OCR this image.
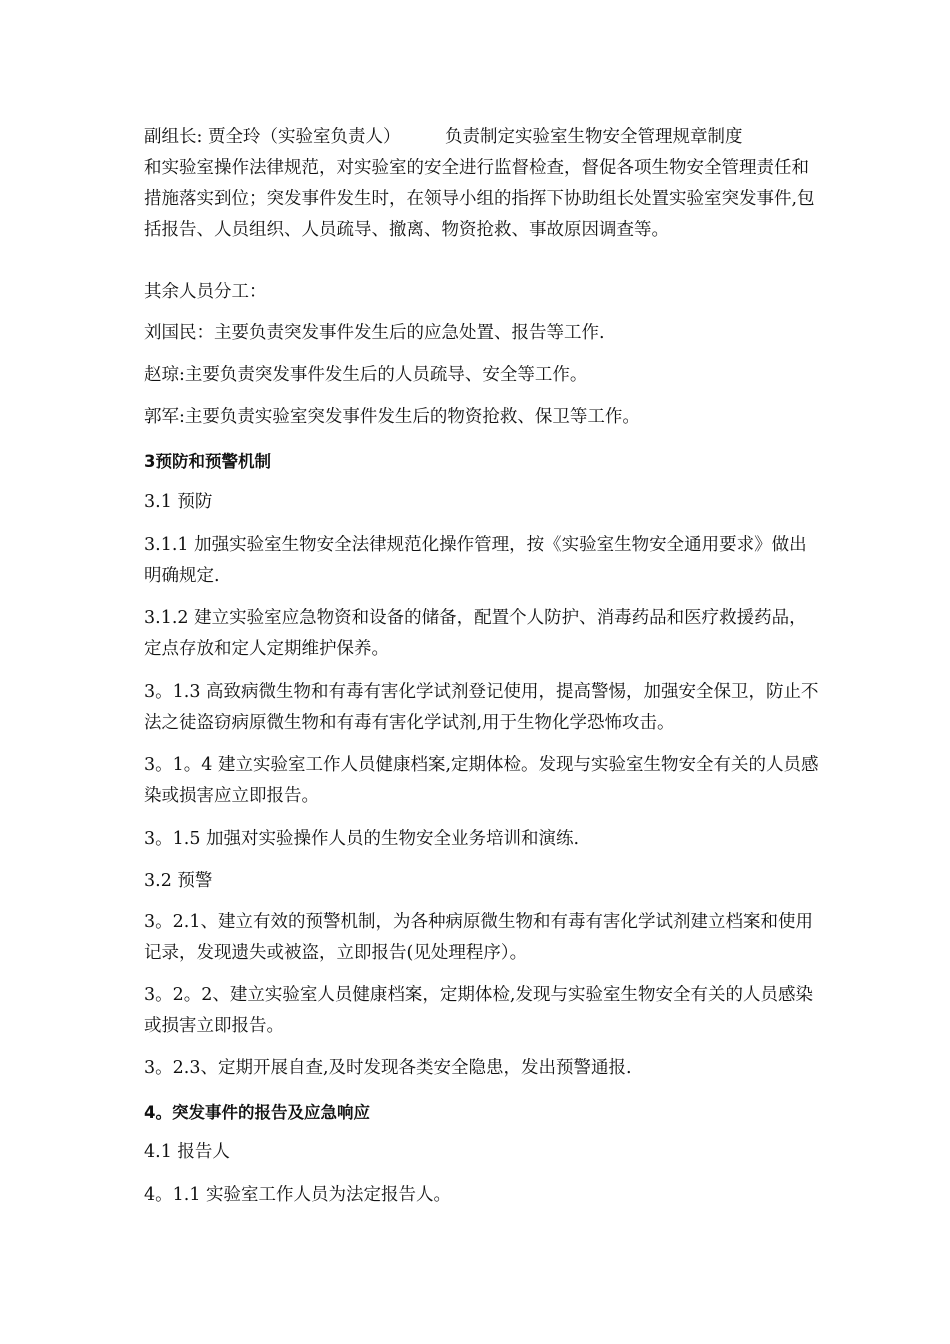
副组长: 贾全玲（实验室负责人）        负责制定实验室生物安全管理规章制度

和实验室操作法律规范，对实验室的安全进行监督检查，督促各项生物安全管理责任和措施落实到位；突发事件发生时，在领导小组的指挥下协助组长处置实验室突发事件,包括报告、人员组织、人员疏导、撤离、物资抢救、事故原因调查等。

其余人员分工：

刘国民：主要负责突发事件发生后的应急处置、报告等工作.

赵琼:主要负责突发事件发生后的人员疏导、安全等工作。

郭军:主要负责实验室突发事件发生后的物资抢救、保卫等工作。

3预防和预警机制

3.1 预防

3.1.1 加强实验室生物安全法律规范化操作管理，按《实验室生物安全通用要求》做出明确规定.

3.1.2 建立实验室应急物资和设备的储备，配置个人防护、消毒药品和医疗救援药品，定点存放和定人定期维护保养。

3。1.3 高致病微生物和有毒有害化学试剂登记使用，提高警惕，加强安全保卫，防止不法之徒盗窃病原微生物和有毒有害化学试剂,用于生物化学恐怖攻击。

3。1。4 建立实验室工作人员健康档案,定期体检。发现与实验室生物安全有关的人员感染或损害应立即报告。

3。1.5 加强对实验操作人员的生物安全业务培训和演练.

3.2 预警

3。2.1、建立有效的预警机制，为各种病原微生物和有毒有害化学试剂建立档案和使用记录，发现遗失或被盗，立即报告(见处理程序）。

3。2。2、建立实验室人员健康档案，定期体检,发现与实验室生物安全有关的人员感染或损害立即报告。

3。2.3、定期开展自查,及时发现各类安全隐患，发出预警通报.

4。突发事件的报告及应急响应

4.1 报告人

4。1.1 实验室工作人员为法定报告人。
